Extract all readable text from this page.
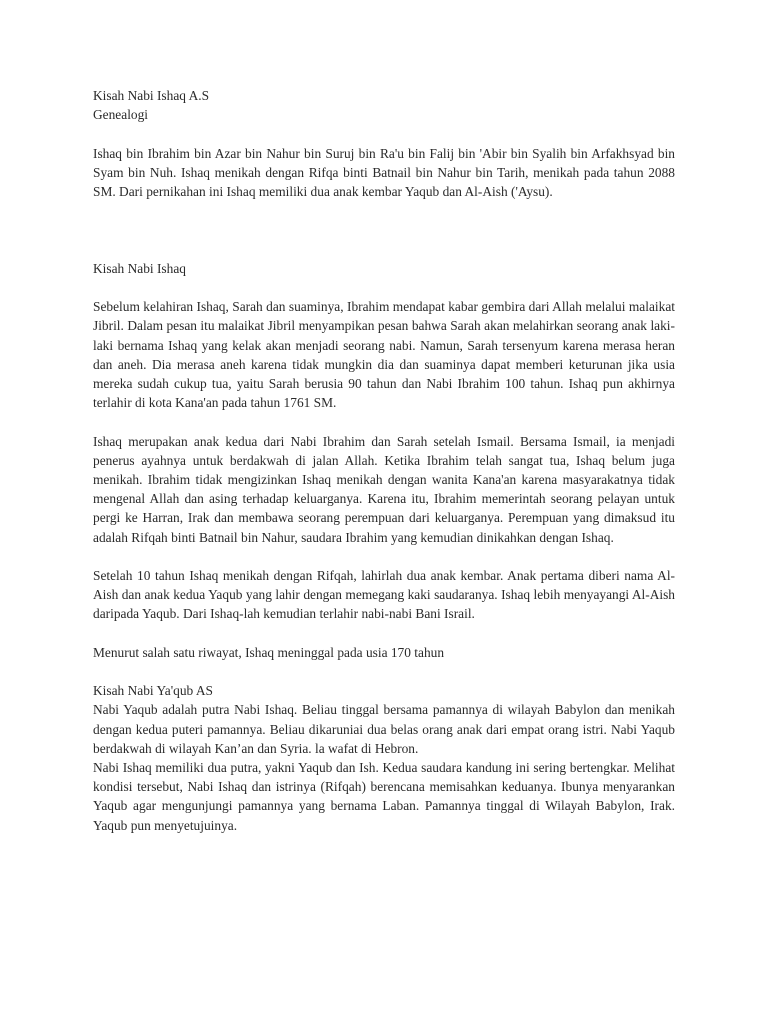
Kisah Nabi Ishaq A.S

Genealogi

Ishaq bin Ibrahim bin Azar bin Nahur bin Suruj bin Ra'u bin Falij bin 'Abir bin Syalih bin Arfakhsyad bin Syam bin Nuh. Ishaq menikah dengan Rifqa binti Batnail bin Nahur bin Tarih, menikah pada tahun 2088 SM. Dari pernikahan ini Ishaq memiliki dua anak kembar Yaqub dan Al-Aish ('Aysu).

Kisah Nabi Ishaq

Sebelum kelahiran Ishaq, Sarah dan suaminya, Ibrahim mendapat kabar gembira dari Allah melalui malaikat Jibril. Dalam pesan itu malaikat Jibril menyampikan pesan bahwa Sarah akan melahirkan seorang anak laki-laki bernama Ishaq yang kelak akan menjadi seorang nabi. Namun, Sarah tersenyum karena merasa heran dan aneh. Dia merasa aneh karena tidak mungkin dia dan suaminya dapat memberi keturunan jika usia mereka sudah cukup tua, yaitu Sarah berusia 90 tahun dan Nabi Ibrahim 100 tahun. Ishaq pun akhirnya terlahir di kota Kana'an pada tahun 1761 SM.

Ishaq merupakan anak kedua dari Nabi Ibrahim dan Sarah setelah Ismail. Bersama Ismail, ia menjadi penerus ayahnya untuk berdakwah di jalan Allah. Ketika Ibrahim telah sangat tua, Ishaq belum juga menikah. Ibrahim tidak mengizinkan Ishaq menikah dengan wanita Kana'an karena masyarakatnya tidak mengenal Allah dan asing terhadap keluarganya. Karena itu, Ibrahim memerintah seorang pelayan untuk pergi ke Harran, Irak dan membawa seorang perempuan dari keluarganya. Perempuan yang dimaksud itu adalah Rifqah binti Batnail bin Nahur, saudara Ibrahim yang kemudian dinikahkan dengan Ishaq.

Setelah 10 tahun Ishaq menikah dengan Rifqah, lahirlah dua anak kembar. Anak pertama diberi nama Al-Aish dan anak kedua Yaqub yang lahir dengan memegang kaki saudaranya. Ishaq lebih menyayangi Al-Aish daripada Yaqub. Dari Ishaq-lah kemudian terlahir nabi-nabi Bani Israil.

Menurut salah satu riwayat, Ishaq meninggal pada usia 170 tahun

Kisah Nabi Ya'qub AS

Nabi Yaqub adalah putra Nabi Ishaq. Beliau tinggal bersama pamannya di wilayah Babylon dan menikah dengan kedua puteri pamannya. Beliau dikaruniai dua belas orang anak dari empat orang istri. Nabi Yaqub berdakwah di wilayah Kan’an dan Syria. la wafat di Hebron.

Nabi Ishaq memiliki dua putra, yakni Yaqub dan Ish. Kedua saudara kandung ini sering bertengkar. Melihat kondisi tersebut, Nabi Ishaq dan istrinya (Rifqah) berencana memisahkan keduanya. Ibunya menyarankan Yaqub agar mengunjungi pamannya yang bernama Laban. Pamannya tinggal di Wilayah Babylon, Irak. Yaqub pun menyetujuinya.
